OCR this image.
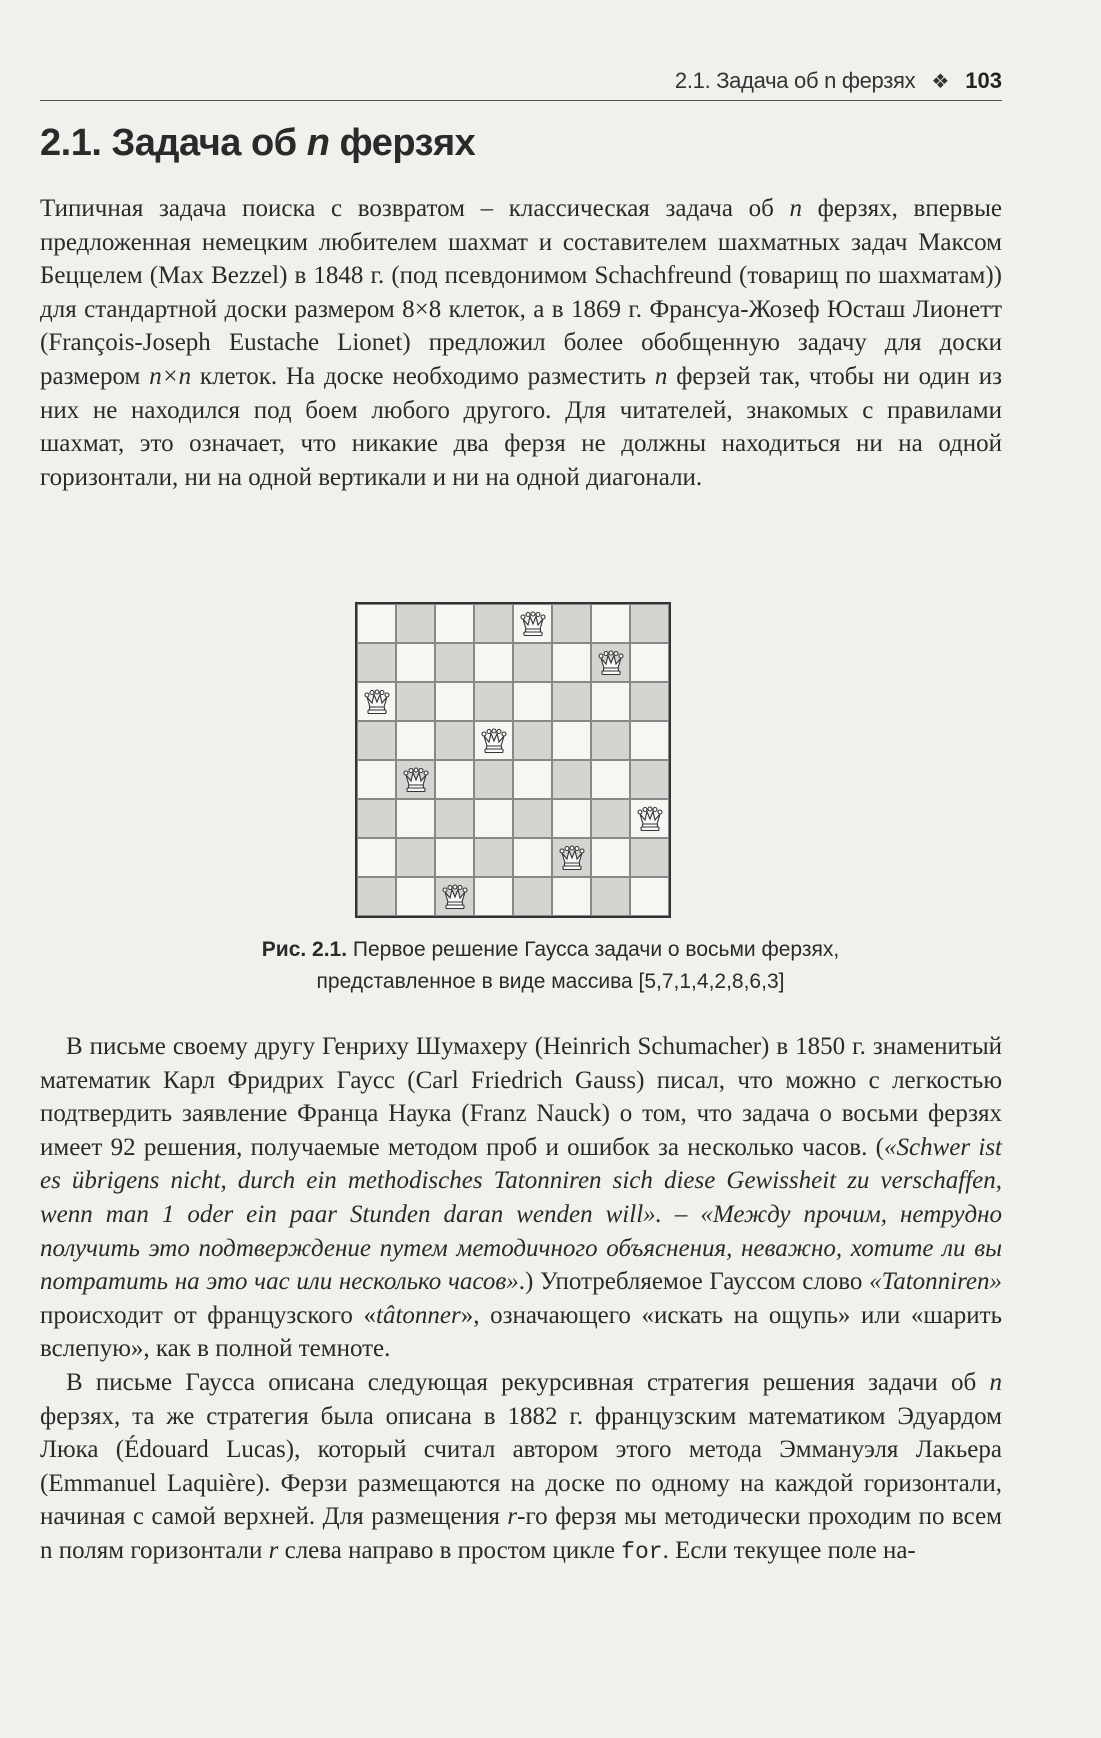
2.1. Задача об n ферзях ❖ 103
2.1. Задача об n ферзях

Типичная задача поиска с возвратом – классическая задача об n ферзях, впервые предложенная немецким любителем шахмат и составителем шахматных задач Максом Беццелем (Max Bezzel) в 1848 г. (под псевдонимом Schachfreund (товарищ по шахматам)) для стандартной доски размером 8×8 клеток, а в 1869 г. Франсуа-Жозеф Юсташ Лионетт (François-Joseph Eustache Lionet) предложил более обобщенную задачу для доски размером n×n клеток. На доске необходимо разместить n ферзей так, чтобы ни один из них не находился под боем любого другого. Для читателей, знакомых с правилами шахмат, это означает, что никакие два ферзя не должны находиться ни на одной горизонтали, ни на одной вертикали и ни на одной диагонали.

Рис. 2.1. Первое решение Гаусса задачи о восьми ферзях,
представленное в виде массива [5,7,1,4,2,8,6,3]

В письме своему другу Генриху Шумахеру (Heinrich Schumacher) в 1850 г. знаменитый математик Карл Фридрих Гаусс (Carl Friedrich Gauss) писал, что можно с легкостью подтвердить заявление Франца Наука (Franz Nauck) о том, что задача о восьми ферзях имеет 92 решения, получаемые методом проб и ошибок за несколько часов. («Schwer ist es übrigens nicht, durch ein methodisches Tatonniren sich diese Gewissheit zu verschaffen, wenn man 1 oder ein paar Stunden daran wenden will». – «Между прочим, нетрудно получить это подтверждение путем методичного объяснения, неважно, хотите ли вы потратить на это час или несколько часов».) Употребляемое Гауссом слово «Tatonniren» происходит от французского «tâtonner», означающего «искать на ощупь» или «шарить вслепую», как в полной темноте.

В письме Гаусса описана следующая рекурсивная стратегия решения задачи об n ферзях, та же стратегия была описана в 1882 г. французским математиком Эдуардом Люка (Édouard Lucas), который считал автором этого метода Эммануэля Лакьера (Emmanuel Laquière). Ферзи размещаются на доске по одному на каждой горизонтали, начиная с самой верхней. Для размещения r-го ферзя мы методически проходим по всем n полям горизонтали r слева направо в простом цикле for. Если текущее поле на-
